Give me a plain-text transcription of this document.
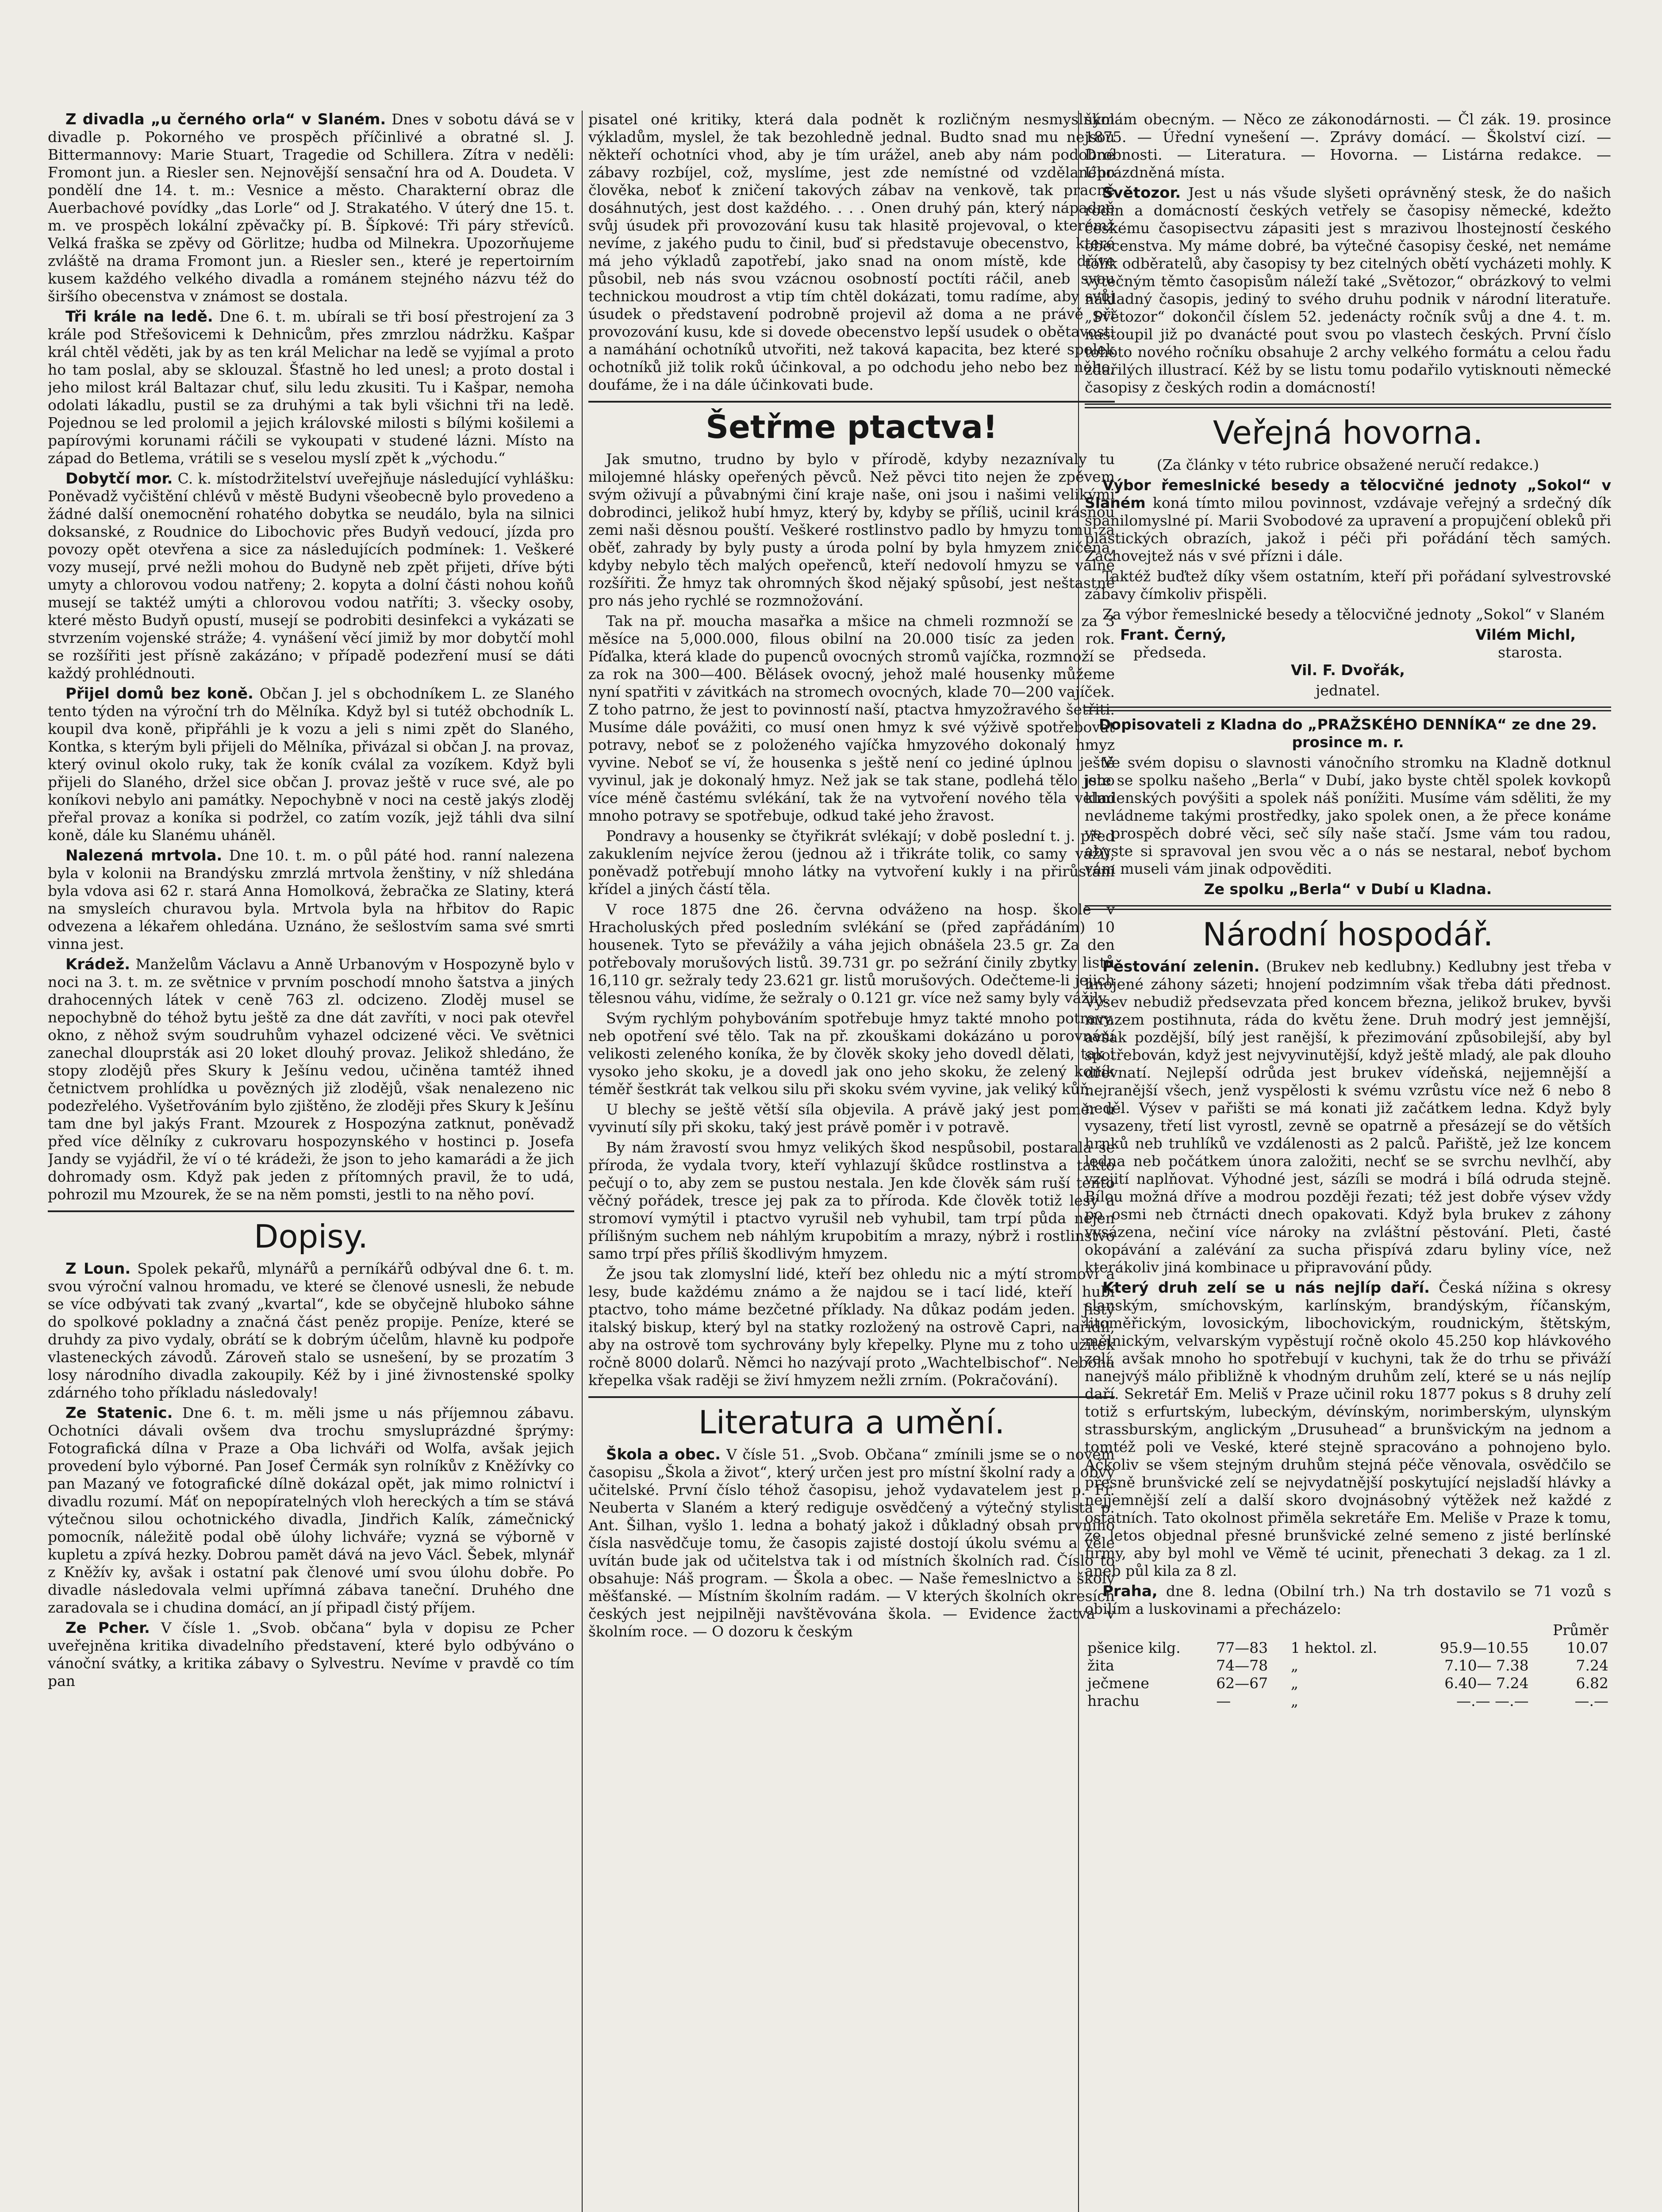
Z divadla „u černého orla“ v Slaném. Dnes v sobotu dává se v divadle p. Pokorného ve prospěch příčinlivé a obratné sl. J. Bittermannovy: Marie Stuart, Tragedie od Schillera. Zítra v neděli: Fromont jun. a Riesler sen. Nejnovější sensační hra od A. Doudeta. V pondělí dne 14. t. m.: Vesnice a město. Charakterní obraz dle Auerbachové povídky „das Lorle“ od J. Strakatého. V úterý dne 15. t. m. ve prospěch lokální zpěvačky pí. B. Šípkové: Tři páry střevíců. Velká fraška se zpěvy od Görlitze; hudba od Milnekra. Upozorňujeme zvláště na drama Fromont jun. a Riesler sen., které je repertoirním kusem každého velkého divadla a románem stejného názvu též do širšího obecenstva v známost se dostala.

Tři krále na ledě. Dne 6. t. m. ubírali se tři bosí přestrojení za 3 krále pod Střešovicemi k Dehnicům, přes zmrzlou nádržku. Kašpar král chtěl věděti, jak by as ten král Melichar na ledě se vyjímal a proto ho tam poslal, aby se sklouzal. Šťastně ho led unesl; a proto dostal i jeho milost král Baltazar chuť, silu ledu zkusiti. Tu i Kašpar, nemoha odolati lákadlu, pustil se za druhými a tak byli všichni tři na ledě. Pojednou se led prolomil a jejich královské milosti s bílými košilemi a papírovými korunami ráčili se vykoupati v studené lázni. Místo na západ do Betlema, vrátili se s veselou myslí zpět k „východu.“

Dobytčí mor. C. k. místodržitelství uveřejňuje následující vyhlášku: Poněvadž vyčištění chlévů v městě Budyni všeobecně bylo provedeno a žádné další onemocnění rohatého dobytka se neudálo, byla na silnici doksanské, z Roudnice do Libochovic přes Budyň vedoucí, jízda pro povozy opět otevřena a sice za následujících podmínek: 1. Veškeré vozy musejí, prvé nežli mohou do Budyně neb zpět přijeti, dříve býti umyty a chlorovou vodou natřeny; 2. kopyta a dolní části nohou koňů musejí se taktéž umýti a chlorovou vodou natříti; 3. všecky osoby, které město Budyň opustí, musejí se podrobiti desinfekci a vykázati se stvrzením vojenské stráže; 4. vynášení věcí jimiž by mor dobytčí mohl se rozšířiti jest přísně zakázáno; v případě podezření musí se dáti každý prohlédnouti.

Přijel domů bez koně. Občan J. jel s obchodníkem L. ze Slaného tento týden na výroční trh do Mělníka. Když byl si tutéž obchodník L. koupil dva koně, připřáhli je k vozu a jeli s nimi zpět do Slaného, Kontka, s kterým byli přijeli do Mělníka, přivázal si občan J. na provaz, který ovinul okolo ruky, tak že koník cválal za vozíkem. Když byli přijeli do Slaného, držel sice občan J. provaz ještě v ruce své, ale po koníkovi nebylo ani památky. Nepochybně v noci na cestě jakýs zloděj přeřal provaz a koníka si podržel, co zatím vozík, jejž táhli dva silní koně, dále ku Slanému uháněl.

Nalezená mrtvola. Dne 10. t. m. o půl páté hod. ranní nalezena byla v kolonii na Brandýsku zmrzlá mrtvola ženštiny, v níž shledána byla vdova asi 62 r. stará Anna Homolková, žebračka ze Slatiny, která na smysleích churavou byla. Mrtvola byla na hřbitov do Rapic odvezena a lékařem ohledána. Uznáno, že sešlostvím sama své smrti vinna jest.

Krádež. Manželům Václavu a Anně Urbanovým v Hospozyně bylo v noci na 3. t. m. ze světnice v prvním poschodí mnoho šatstva a jiných drahocenných látek v ceně 763 zl. odcizeno. Zloděj musel se nepochybně do téhož bytu ještě za dne dát zavříti, v noci pak otevřel okno, z něhož svým soudruhům vyhazel odcizené věci. Ve světnici zanechal dlouprsták asi 20 loket dlouhý provaz. Jelikož shledáno, že stopy zlodějů přes Skury k Ješínu vedou, učiněna tamtéž ihned četnictvem prohlídka u povězných již zlodějů, však nenalezeno nic podezřelého. Vyšetřováním bylo zjištěno, že zloději přes Skury k Ješínu tam dne byl jakýs Frant. Mzourek z Hospozýna zatknut, poněvadž před více dělníky z cukrovaru hospozynského v hostinci p. Josefa Jandy se vyjádřil, že ví o té krádeži, že json to jeho kamarádi a že jich dohromady osm. Když pak jeden z přítomných pravil, že to udá, pohrozil mu Mzourek, že se na něm pomsti, jestli to na něho poví.

Dopisy.

Z Loun. Spolek pekařů, mlynářů a perníkářů odbýval dne 6. t. m. svou výroční valnou hromadu, ve které se členové usnesli, že nebude se více odbývati tak zvaný „kvartal“, kde se obyčejně hluboko sáhne do spolkové pokladny a značná část peněz propije. Peníze, které se druhdy za pivo vydaly, obrátí se k dobrým účelům, hlavně ku podpoře vlasteneckých závodů. Zároveň stalo se usnešení, by se prozatím 3 losy národního divadla zakoupily. Kéž by i jiné živnostenské spolky zdárného toho příkladu následovaly!

Ze Statenic. Dne 6. t. m. měli jsme u nás příjemnou zábavu. Ochotníci dávali ovšem dva trochu smysluprázdné šprýmy: Fotografická dílna v Praze a Oba lichváři od Wolfa, avšak jejich provedení bylo výborné. Pan Josef Čermák syn rolníkův z Kněžívky co pan Mazaný ve fotografické dílně dokázal opět, jak mimo rolnictví i divadlu rozumí. Máť on nepopíratelných vloh hereckých a tím se stává výtečnou silou ochotnického divadla, Jindřich Kalík, zámečnický pomocník, náležitě podal obě úlohy lichváře; vyzná se výborně v kupletu a zpívá hezky. Dobrou pamět dává na jevo Václ. Šebek, mlynář z Kněžív ky, avšak i ostatní pak členové umí svou úlohu dobře. Po divadle následovala velmi upřímná zábava taneční. Druhého dne zaradovala se i chudina domácí, an jí připadl čistý příjem.

Ze Pcher. V čísle 1. „Svob. občana“ byla v dopisu ze Pcher uveřejněna kritika divadelního představení, které bylo odbýváno o vánoční svátky, a kritika zábavy o Sylvestru. Nevíme v pravdě co tím pan

pisatel oné kritiky, která dala podnět k rozličným nesmyslným výkladům, myslel, že tak bezohledně jednal. Budto snad mu nejsou někteří ochotníci vhod, aby je tím urážel, aneb aby nám podobné zábavy rozbíjel, což, myslíme, jest zde nemístné od vzdělaného člověka, neboť k zničení takových zábav na venkově, tak pracně dosáhnutých, jest dost každého. . . . Onen druhý pán, který nápadně svůj úsudek při provozování kusu tak hlasitě projevoval, o kterémž nevíme, z jakého pudu to činil, buď si představuje obecenstvo, které má jeho výkladů zapotřebí, jako snad na onom místě, kde dříve působil, neb nás svou vzácnou osobností poctíti ráčil, aneb svou technickou moudrost a vtip tím chtěl dokázati, tomu radíme, aby svůj úsudek o představení podrobně projevil až doma a ne právě při provozování kusu, kde si dovede obecenstvo lepší usudek o obětavosti a namáhání ochotníků utvořiti, než taková kapacita, bez které spolek ochotníků již tolik roků účinkoval, a po odchodu jeho nebo bez něho, doufáme, že i na dále účinkovati bude.

Šetřme ptactva!

Jak smutno, trudno by bylo v přírodě, kdyby nezaznívaly tu milojemné hlásky opeřených pěvců. Než pěvci tito nejen že zpěvem svým oživují a půvabnými činí kraje naše, oni jsou i našimi velikými dobrodinci, jelikož hubí hmyz, který by, kdyby se příliš, ucinil krásnou zemi naši děsnou pouští. Veškeré rostlinstvo padlo by hmyzu tomu za oběť, zahrady by byly pusty a úroda polní by byla hmyzem zničena, kdyby nebylo těch malých opeřenců, kteří nedovolí hmyzu se valně rozšířiti. Že hmyz tak ohromných škod nějaký spůsobí, jest neštastné pro nás jeho rychlé se rozmnožování.

Tak na př. moucha masařka a mšice na chmeli rozmnoží se za 3 měsíce na 5,000.000, filous obilní na 20.000 tisíc za jeden rok. Píďalka, která klade do pupenců ovocných stromů vajíčka, rozmnoží se za rok na 300—400. Bělásek ovocný, jehož malé housenky můžeme nyní spatřiti v závitkách na stromech ovocných, klade 70—200 vajíček. Z toho patrno, že jest to povinností naší, ptactva hmyzožravého šetřiti. Musíme dále povážiti, co musí onen hmyz k své výživě spotřebovat potravy, neboť se z položeného vajíčka hmyzového dokonalý hmyz vyvine. Neboť se ví, že housenka s ještě není co jediné úplnou ještě vyvinul, jak je dokonalý hmyz. Než jak se tak stane, podlehá tělo jeho více méně častému svlékání, tak že na vytvoření nového těla velmi mnoho potravy se spotřebuje, odkud také jeho žravost.

Pondravy a housenky se čtyřikrát svlékají; v době poslední t. j. před zakuklením nejvíce žerou (jednou až i třikráte tolik, co samy váží), poněvadž potřebují mnoho látky na vytvoření kukly i na přirůstání křídel a jiných částí těla.

V roce 1875 dne 26. června odváženo na hosp. škole v Hracholuských před posledním svlékání se (před zapřádáním) 10 housenek. Tyto se převážily a váha jejich obnášela 23.5 gr. Za den potřebovaly morušových listů. 39.731 gr. po sežrání činily zbytky listů 16,110 gr. sežraly tedy 23.621 gr. listů morušových. Odečteme-li jejich tělesnou váhu, vidíme, že sežraly o 0.121 gr. více než samy byly vážily.

Svým rychlým pohybováním spotřebuje hmyz takté mnoho potravy, neb opotření své tělo. Tak na př. zkouškami dokázáno u porovnání velikosti zeleného koníka, že by člověk skoky jeho dovedl dělati, tak i vysoko jeho skoku, je a dovedl jak ono jeho skoku, že zelený koník téměř šestkrát tak velkou silu při skoku svém vyvine, jak veliký kůň.

U blechy se ještě větší síla objevila. A právě jaký jest poměr u vyvinutí síly při skoku, taký jest právě poměr i v potravě.

By nám žravostí svou hmyz velikých škod nespůsobil, postarala se příroda, že vydala tvory, kteří vyhlazují škůdce rostlinstva a takto pečují o to, aby zem se pustou nestala. Jen kde člověk sám ruší tento věčný pořádek, tresce jej pak za to příroda. Kde člověk totiž lesy a stromoví vymýtil i ptactvo vyrušil neb vyhubil, tam trpí půda nejen přílišným suchem neb náhlým krupobitím a mrazy, nýbrž i rostlinstvo samo trpí přes příliš škodlivým hmyzem.

Že jsou tak zlomyslní lidé, kteří bez ohledu nic a mýtí stromoví a lesy, bude každému známo a že najdou se i tací lidé, kteří hubí ptactvo, toho máme bezčetné příklady. Na důkaz podám jeden. Jistý italský biskup, který byl na statky rozložený na ostrově Capri, nařídil, aby na ostrově tom sychrovány byly křepelky. Plyne mu z toho užitek ročně 8000 dolarů. Němci ho nazývají proto „Wachtelbischof“. Nebohá křepelka však raději se živí hmyzem nežli zrním. (Pokračování).

Literatura a umění.

Škola a obec. V čísle 51. „Svob. Občana“ zmínili jsme se o novém časopisu „Škola a život“, který určen jest pro místní školní rady a obvy učitelské. První číslo téhož časopisu, jehož vydavatelem jest p. Fr. Neuberta v Slaném a který rediguje osvědčený a výtečný stylista p. Ant. Šilhan, vyšlo 1. ledna a bohatý jakož i důkladný obsah prvního čísla nasvědčuje tomu, že časopis zajisté dostojí úkolu svému a věle uvítán bude jak od učitelstva tak i od místních školních rad. Číslo to obsahuje: Náš program. — Škola a obec. — Naše řemeslnictvo a školy měšťanské. — Místním školním radám. — V kterých školních okresích českých jest nejpilněji navštěvována škola. — Evidence žactva v školním roce. — O dozoru k českým

školám obecným. — Něco ze zákonodárnosti. — Čl zák. 19. prosince 1875. — Úřední vynešení —. Zprávy domácí. — Školství cizí. — Drobnosti. — Literatura. — Hovorna. — Listárna redakce. — Uprázdněná místa.

Světozor. Jest u nás všude slyšeti oprávněný stesk, že do našich rodin a domácností českých vetřely se časopisy německé, kdežto českému časopisectvu zápasiti jest s mrazivou lhostejností českého obecenstva. My máme dobré, ba výtečné časopisy české, net nemáme tolik odběratelů, aby časopisy ty bez citelných obětí vycházeti mohly. K výtečným těmto časopisům náleží také „Světozor,“ obrázkový to velmi nákladný časopis, jediný to svého druhu podnik v národní literatuře. „Světozor“ dokončil číslem 52. jedenácty ročník svůj a dne 4. t. m. nastoupil již po dvanácté pout svou po vlastech českých. První číslo tohoto nového ročníku obsahuje 2 archy velkého formátu a celou řadu zdařilých illustrací. Kéž by se listu tomu podařilo vytisknouti německé časopisy z českých rodin a domácností!

Veřejná hovorna.

(Za články v této rubrice obsažené neručí redakce.)

Výbor řemeslnické besedy a tělocvičné jednoty „Sokol“ v Slaném koná tímto milou povinnost, vzdávaje veřejný a srdečný dík spanilomyslné pí. Marii Svobodové za upravení a propujčení obleků při plastických obrazích, jakož i péči při pořádání těch samých. Zachovejtež nás v své přízni i dále.

Taktéž buďtež díky všem ostatním, kteří při pořádaní sylvestrovské zábavy čímkoliv přispěli.

Za výbor řemeslnické besedy a tělocvičné jednoty „Sokol“ v Slaném

Frant. Černý,	Vilém Michl,
předseda.	starosta.

Vil. F. Dvořák,

jednatel.

Dopisovateli z Kladna do „PRAŽSKÉHO DENNÍKA“ ze dne 29. prosince m. r.

Ve svém dopisu o slavnosti vánočního stromku na Kladně dotknul jste se spolku našeho „Berla“ v Dubí, jako byste chtěl spolek kovkopů kladenských povýšiti a spolek náš ponížiti. Musíme vám sděliti, že my nevládneme takými prostředky, jako spolek onen, a že přece konáme ve prospěch dobré věci, seč síly naše stačí. Jsme vám tou radou, abyste si spravoval jen svou věc a o nás se nestaral, neboť bychom vám museli vám jinak odpověditi.

Ze spolku „Berla“ v Dubí u Kladna.

Národní hospodář.

Pěstování zelenin. (Brukev neb kedlubny.) Kedlubny jest třeba v hnojené záhony sázeti; hnojení podzimním však třeba dáti přednost. Výsev nebudiž předsevzata před koncem března, jelikož brukev, byvši mrazem postihnuta, ráda do květu žene. Druh modrý jest jemnější, avšak pozdější, bílý jest ranější, k přezimování způsobilejší, aby byl spotřebován, když jest nejvyvinutější, když ještě mladý, ale pak dlouho dřevnatí. Nejlepší odrůda jest brukev vídeňská, nejjemnější a nejranější všech, jenž vyspělosti k svému vzrůstu více než 6 nebo 8 neděl. Výsev v pařišti se má konati již začátkem ledna. Když byly vysazeny, třetí list vyrostl, zevně se opatrně a přesázejí se do větších hrnků neb truhlíků ve vzdálenosti as 2 palců. Pařiště, jež lze koncem ledna neb počátkem února založiti, nechť se se svrchu nevlhčí, aby vzejití naplňovat. Výhodné jest, sázíli se modrá i bílá odruda stejně. Bílou možná dříve a modrou později řezati; též jest dobře výsev vždy po osmi neb čtrnácti dnech opakovati. Když byla brukev z záhony vysázena, nečiní více nároky na zvláštní pěstování. Pleti, časté okopávání a zalévání za sucha přispívá zdaru byliny více, než kterákoliv jiná kombinace u připravování půdy.

Který druh zelí se u nás nejlíp daří. Česká nížina s okresy slanským, smíchovským, karlínským, brandýským, říčanským, litoměřickým, lovosickým, libochovickým, roudnickým, štětským, mělnickým, velvarským vypěstují ročně okolo 45.250 kop hlávkového zelí, avšak mnoho ho spotřebují v kuchyni, tak že do trhu se přiváží nanejvýš málo přibližně k vhodným druhům zelí, které se u nás nejlíp daří. Sekretář Em. Meliš v Praze učinil roku 1877 pokus s 8 druhy zelí totiž s erfurtským, lubeckým, dévínským, norimberským, ulynským strassburským, anglickým „Drusuhead“ a brunšvickým na jednom a tomtéž poli ve Veské, které stejně spracováno a pohnojeno bylo. Ačkoliv se všem stejným druhům stejná péče věnovala, osvědčilo se přesně brunšvické zelí se nejvydatnější poskytující nejsladší hlávky a nejjemnější zelí a další skoro dvojnásobný výtěžek než každé z ostatních. Tato okolnost přiměla sekretáře Em. Meliše v Praze k tomu, že letos objednal přesné brunšvické zelné semeno z jisté berlínské firmy, aby byl mohl ve Věmě té ucinit, přenechati 3 dekag. za 1 zl. aneb půl kila za 8 zl.

Praha, dne 8. ledna (Obilní trh.) Na trh dostavilo se 71 vozů s obilím a luskovinami a přecházelo:

				Průměr
pšenice kilg.	77—83	1 hektol. zl.	95.9—10.55	10.07
žita	74—78	„	7.10— 7.38	7.24
ječmene	62—67	„	6.40— 7.24	6.82
hrachu	—	„	—.— —.—	—.—
